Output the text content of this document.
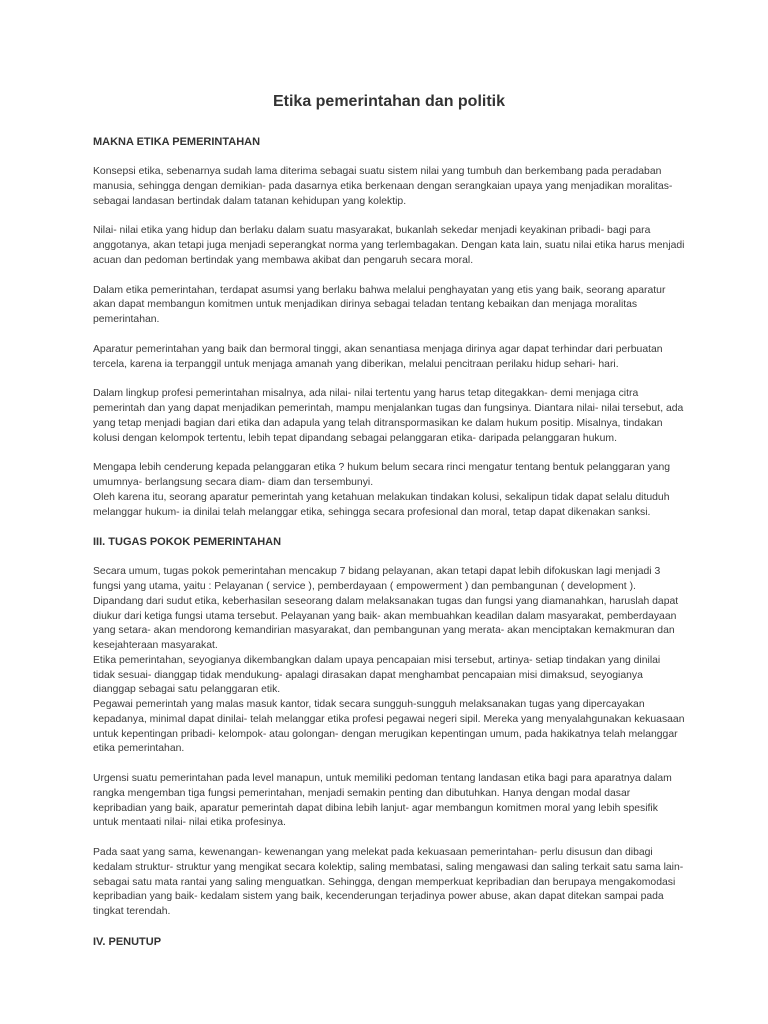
Etika pemerintahan dan politik
MAKNA ETIKA PEMERINTAHAN

Konsepsi etika, sebenarnya sudah lama diterima sebagai suatu sistem nilai yang tumbuh dan berkembang pada peradaban manusia, sehingga dengan demikian- pada dasarnya etika berkenaan dengan serangkaian upaya yang menjadikan moralitas- sebagai landasan bertindak dalam tatanan kehidupan yang kolektip.

Nilai- nilai etika yang hidup dan berlaku dalam suatu masyarakat, bukanlah sekedar menjadi keyakinan pribadi- bagi para anggotanya, akan tetapi juga menjadi seperangkat norma yang terlembagakan. Dengan kata lain, suatu nilai etika harus menjadi acuan dan pedoman bertindak yang membawa akibat dan pengaruh secara moral.

Dalam etika pemerintahan, terdapat asumsi yang berlaku bahwa melalui penghayatan yang etis yang baik, seorang aparatur akan dapat membangun komitmen untuk menjadikan dirinya sebagai teladan tentang kebaikan dan menjaga moralitas pemerintahan.

Aparatur pemerintahan yang baik dan bermoral tinggi, akan senantiasa menjaga dirinya agar dapat terhindar dari perbuatan tercela, karena ia terpanggil untuk menjaga amanah yang diberikan, melalui pencitraan perilaku hidup sehari- hari.

Dalam lingkup profesi pemerintahan misalnya, ada nilai- nilai tertentu yang harus tetap ditegakkan- demi menjaga citra pemerintah dan yang dapat menjadikan pemerintah, mampu menjalankan tugas dan fungsinya. Diantara nilai- nilai tersebut, ada yang tetap menjadi bagian dari etika dan adapula yang telah ditranspormasikan ke dalam hukum positip. Misalnya, tindakan kolusi dengan kelompok tertentu, lebih tepat dipandang sebagai pelanggaran etika- daripada pelanggaran hukum.

Mengapa lebih cenderung kepada pelanggaran etika ? hukum belum secara rinci mengatur tentang bentuk pelanggaran yang umumnya- berlangsung secara diam- diam dan tersembunyi.

Oleh karena itu, seorang aparatur pemerintah yang ketahuan melakukan tindakan kolusi, sekalipun tidak dapat selalu dituduh melanggar hukum- ia dinilai telah melanggar etika, sehingga secara profesional dan moral, tetap dapat dikenakan sanksi.

III. TUGAS POKOK PEMERINTAHAN

Secara umum, tugas pokok pemerintahan mencakup 7 bidang pelayanan, akan tetapi dapat lebih difokuskan lagi menjadi 3 fungsi yang utama, yaitu : Pelayanan ( service ), pemberdayaan ( empowerment ) dan pembangunan ( development ). Dipandang dari sudut etika, keberhasilan seseorang dalam melaksanakan tugas dan fungsi yang diamanahkan, haruslah dapat diukur dari ketiga fungsi utama tersebut. Pelayanan yang baik- akan membuahkan keadilan dalam masyarakat, pemberdayaan yang setara- akan mendorong kemandirian masyarakat, dan pembangunan yang merata- akan menciptakan kemakmuran dan kesejahteraan masyarakat.

Etika pemerintahan, seyogianya dikembangkan dalam upaya pencapaian misi tersebut, artinya- setiap tindakan yang dinilai tidak sesuai- dianggap tidak mendukung- apalagi dirasakan dapat menghambat pencapaian misi dimaksud, seyogianya dianggap sebagai satu pelanggaran etik.

Pegawai pemerintah yang malas masuk kantor, tidak secara sungguh-sungguh melaksanakan tugas yang dipercayakan kepadanya, minimal dapat dinilai- telah melanggar etika profesi pegawai negeri sipil. Mereka yang menyalahgunakan kekuasaan untuk kepentingan pribadi- kelompok- atau golongan- dengan merugikan kepentingan umum, pada hakikatnya telah melanggar etika pemerintahan.

Urgensi suatu pemerintahan pada level manapun, untuk memiliki pedoman tentang landasan etika bagi para aparatnya dalam rangka mengemban tiga fungsi pemerintahan, menjadi semakin penting dan dibutuhkan. Hanya dengan modal dasar kepribadian yang baik, aparatur pemerintah dapat dibina lebih lanjut- agar membangun komitmen moral yang lebih spesifik untuk mentaati nilai- nilai etika profesinya.

Pada saat yang sama, kewenangan- kewenangan yang melekat pada kekuasaan pemerintahan- perlu disusun dan dibagi kedalam struktur- struktur yang mengikat secara kolektip, saling membatasi, saling mengawasi dan saling terkait satu sama lain- sebagai satu mata rantai yang saling menguatkan. Sehingga, dengan memperkuat kepribadian dan berupaya mengakomodasi kepribadian yang baik- kedalam sistem yang baik, kecenderungan terjadinya power abuse, akan dapat ditekan sampai pada tingkat terendah.

IV. PENUTUP
